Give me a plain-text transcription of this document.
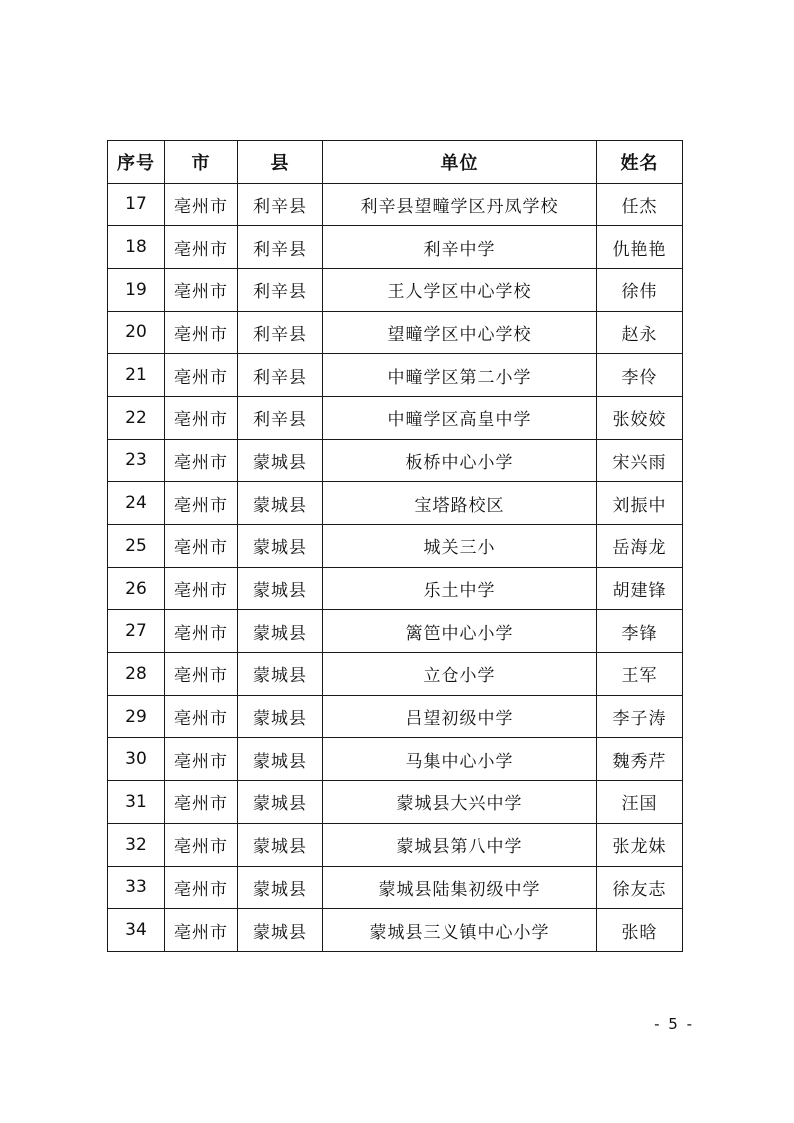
序号	市	县	单位	姓名
17	亳州市	利辛县	利辛县望疃学区丹凤学校	任杰
18	亳州市	利辛县	利辛中学	仇艳艳
19	亳州市	利辛县	王人学区中心学校	徐伟
20	亳州市	利辛县	望疃学区中心学校	赵永
21	亳州市	利辛县	中疃学区第二小学	李伶
22	亳州市	利辛县	中疃学区高皇中学	张姣姣
23	亳州市	蒙城县	板桥中心小学	宋兴雨
24	亳州市	蒙城县	宝塔路校区	刘振中
25	亳州市	蒙城县	城关三小	岳海龙
26	亳州市	蒙城县	乐土中学	胡建锋
27	亳州市	蒙城县	篱笆中心小学	李锋
28	亳州市	蒙城县	立仓小学	王军
29	亳州市	蒙城县	吕望初级中学	李子涛
30	亳州市	蒙城县	马集中心小学	魏秀芹
31	亳州市	蒙城县	蒙城县大兴中学	汪国
32	亳州市	蒙城县	蒙城县第八中学	张龙妹
33	亳州市	蒙城县	蒙城县陆集初级中学	徐友志
34	亳州市	蒙城县	蒙城县三义镇中心小学	张晗
- 5 -
